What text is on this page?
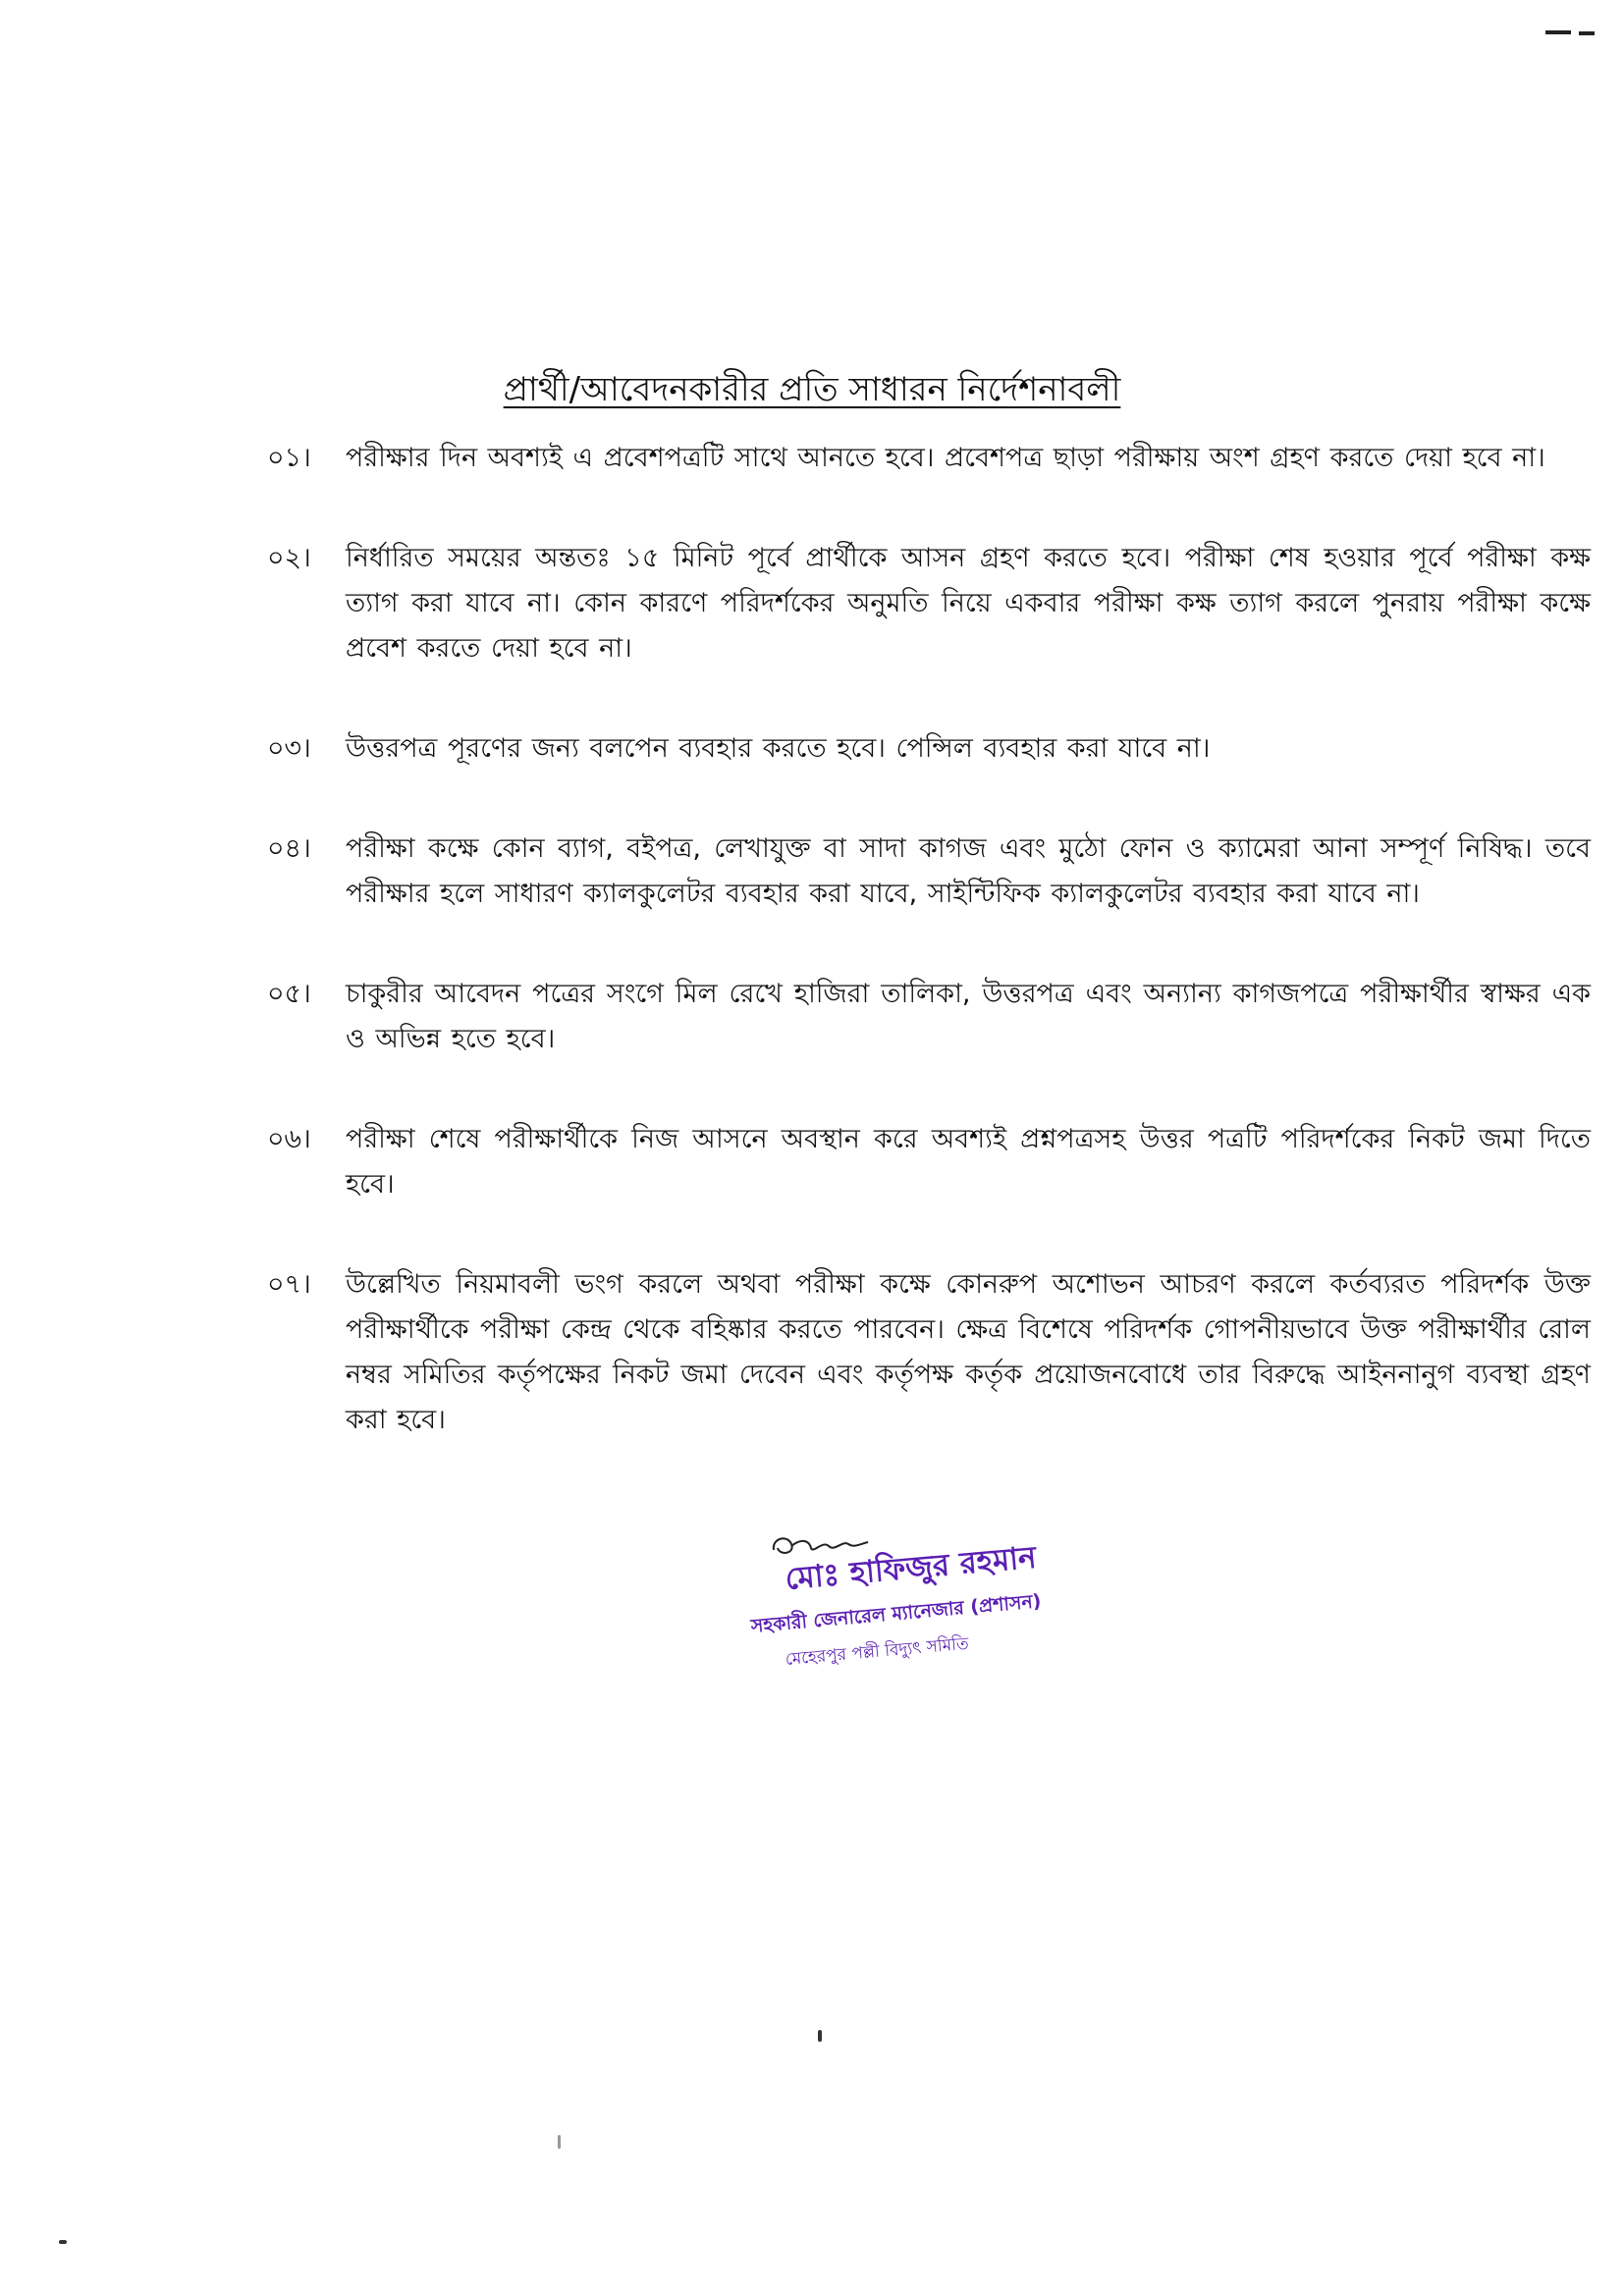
প্রার্থী/আবেদনকারীর প্রতি সাধারন নির্দেশনাবলী
০১।	পরীক্ষার দিন অবশ্যই এ প্রবেশপত্রটি সাথে আনতে হবে। প্রবেশপত্র ছাড়া পরীক্ষায় অংশ গ্রহণ করতে দেয়া হবে না।
০২।	নির্ধারিত সময়ের অন্ততঃ ১৫ মিনিট পূর্বে প্রার্থীকে আসন গ্রহণ করতে হবে। পরীক্ষা শেষ হওয়ার পূর্বে পরীক্ষা কক্ষ ত্যাগ করা যাবে না। কোন কারণে পরিদর্শকের অনুমতি নিয়ে একবার পরীক্ষা কক্ষ ত্যাগ করলে পুনরায় পরীক্ষা কক্ষে প্রবেশ করতে দেয়া হবে না।
০৩।	উত্তরপত্র পূরণের জন্য বলপেন ব্যবহার করতে হবে। পেন্সিল ব্যবহার করা যাবে না।
০৪।	পরীক্ষা কক্ষে কোন ব্যাগ, বইপত্র, লেখাযুক্ত বা সাদা কাগজ এবং মুঠো ফোন ও ক্যামেরা আনা সম্পূর্ণ নিষিদ্ধ। তবে পরীক্ষার হলে সাধারণ ক্যালকুলেটর ব্যবহার করা যাবে, সাইন্টিফিক ক্যালকুলেটর ব্যবহার করা যাবে না।
০৫।	চাকুরীর আবেদন পত্রের সংগে মিল রেখে হাজিরা তালিকা, উত্তরপত্র এবং অন্যান্য কাগজপত্রে পরীক্ষার্থীর স্বাক্ষর এক ও অভিন্ন হতে হবে।
০৬।	পরীক্ষা শেষে পরীক্ষার্থীকে নিজ আসনে অবস্থান করে অবশ্যই প্রশ্নপত্রসহ উত্তর পত্রটি পরিদর্শকের নিকট জমা দিতে হবে।
০৭।	উল্লেখিত নিয়মাবলী ভংগ করলে অথবা পরীক্ষা কক্ষে কোনরুপ অশোভন আচরণ করলে কর্তব্যরত পরিদর্শক উক্ত পরীক্ষার্থীকে পরীক্ষা কেন্দ্র থেকে বহিষ্কার করতে পারবেন। ক্ষেত্র বিশেষে পরিদর্শক গোপনীয়ভাবে উক্ত পরীক্ষার্থীর রোল নম্বর সমিতির কর্তৃপক্ষের নিকট জমা দেবেন এবং কর্তৃপক্ষ কর্তৃক প্রয়োজনবোধে তার বিরুদ্ধে আইননানুগ ব্যবস্থা গ্রহণ করা হবে।
মোঃ হাফিজুর রহমান
সহকারী জেনারেল ম্যানেজার (প্রশাসন)
মেহেরপুর পল্লী বিদ্যুৎ সমিতি
